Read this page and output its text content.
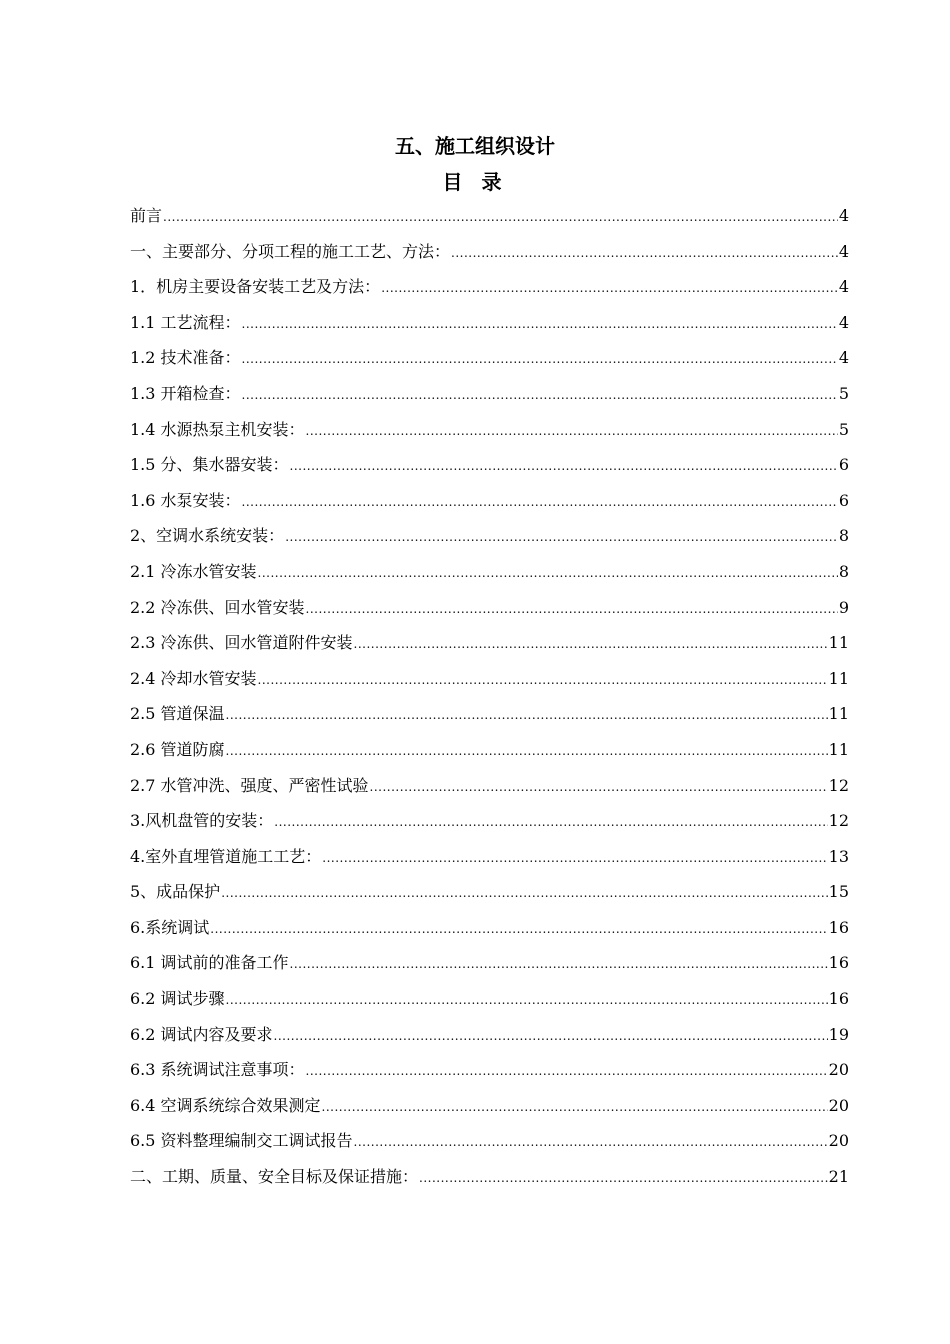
五、施工组织设计
目 录
前言 .....	4
一、主要部分、分项工程的施工工艺、方法： .....	4
1．机房主要设备安装工艺及方法： .....	4
1.1 工艺流程： .....	4
1.2 技术准备： .....	4
1.3 开箱检查： .....	5
1.4 水源热泵主机安装： .....	5
1.5 分、集水器安装： .....	6
1.6 水泵安装： .....	6
2、空调水系统安装： .....	8
2.1 冷冻水管安装 .....	8
2.2 冷冻供、回水管安装 .....	9
2.3 冷冻供、回水管道附件安装 .....	11
2.4 冷却水管安装 .....	11
2.5 管道保温 .....	11
2.6 管道防腐 .....	11
2.7 水管冲洗、强度、严密性试验 .....	12
3.风机盘管的安装： .....	12
4.室外直埋管道施工工艺： .....	13
5、成品保护 .....	15
6.系统调试 .....	16
6.1 调试前的准备工作 .....	16
6.2 调试步骤 .....	16
6.2 调试内容及要求 .....	19
6.3 系统调试注意事项： .....	20
6.4 空调系统综合效果测定 .....	20
6.5 资料整理编制交工调试报告 .....	20
二、工期、质量、安全目标及保证措施： .....	21
